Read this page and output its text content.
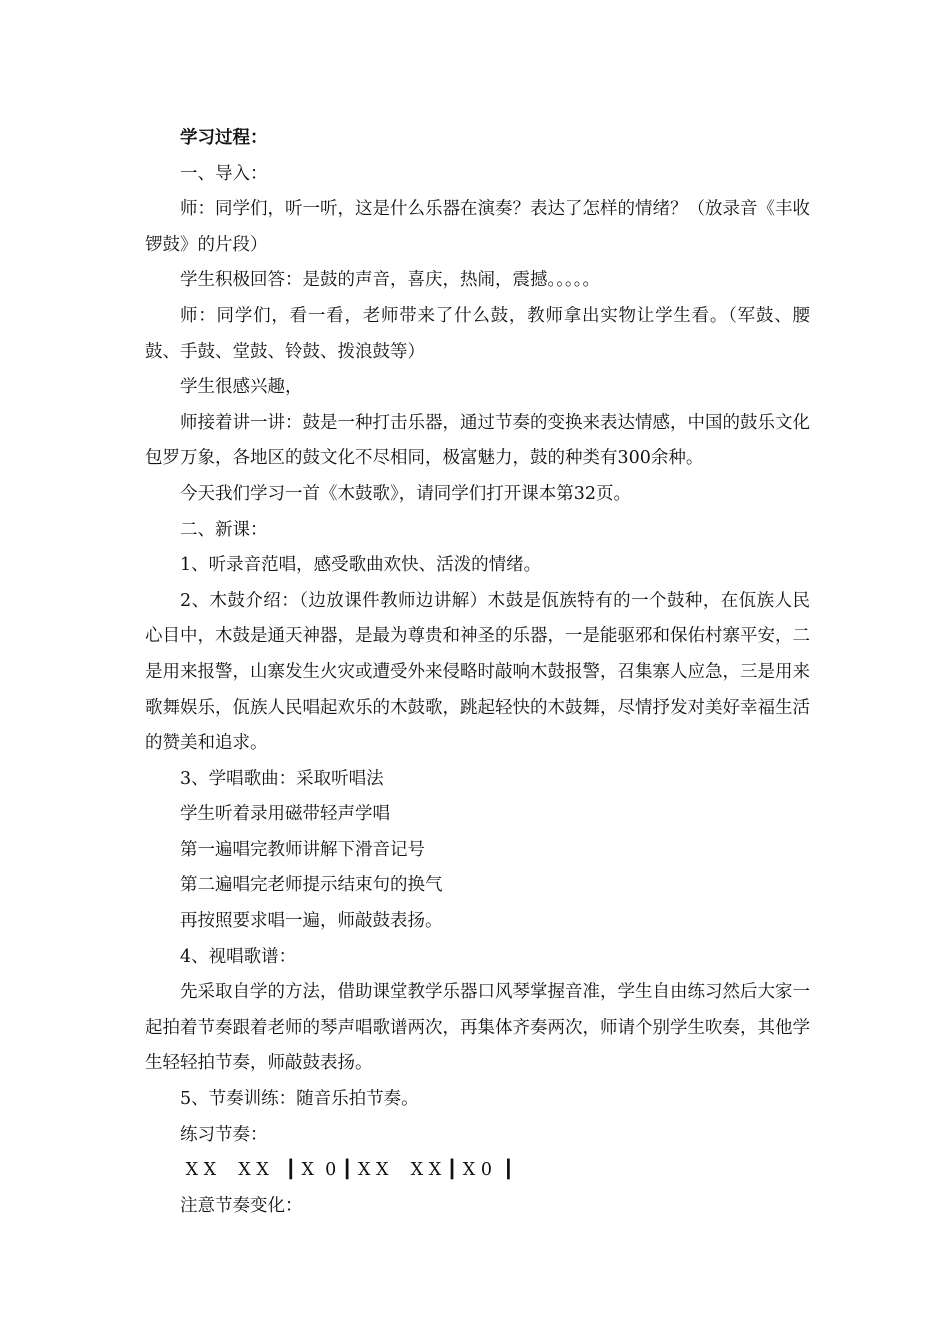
学习过程：

一、导入：

师：同学们，听一听，这是什么乐器在演奏？表达了怎样的情绪？（放录音《丰收锣鼓》的片段）

学生积极回答：是鼓的声音，喜庆，热闹，震撼。。。。。

师：同学们，看一看，老师带来了什么鼓，教师拿出实物让学生看。（军鼓、腰鼓、手鼓、堂鼓、铃鼓、拨浪鼓等）

学生很感兴趣，

师接着讲一讲：鼓是一种打击乐器，通过节奏的变换来表达情感，中国的鼓乐文化包罗万象，各地区的鼓文化不尽相同，极富魅力，鼓的种类有300余种。

今天我们学习一首《木鼓歌》，请同学们打开课本第32页。

二、新课：

1、听录音范唱，感受歌曲欢快、活泼的情绪。

2、木鼓介绍：（边放课件教师边讲解）木鼓是佤族特有的一个鼓种，在佤族人民心目中，木鼓是通天神器，是最为尊贵和神圣的乐器，一是能驱邪和保佑村寨平安，二是用来报警，山寨发生火灾或遭受外来侵略时敲响木鼓报警，召集寨人应急，三是用来歌舞娱乐，佤族人民唱起欢乐的木鼓歌，跳起轻快的木鼓舞，尽情抒发对美好幸福生活的赞美和追求。

3、学唱歌曲：采取听唱法

学生听着录用磁带轻声学唱

第一遍唱完教师讲解下滑音记号

第二遍唱完老师提示结束句的换气

再按照要求唱一遍，师敲鼓表扬。

4、视唱歌谱：

先采取自学的方法，借助课堂教学乐器口风琴掌握音准，学生自由练习然后大家一起拍着节奏跟着老师的琴声唱歌谱两次，再集体齐奏两次，师请个别学生吹奏，其他学生轻轻拍节奏，师敲鼓表扬。

5、节奏训练：随音乐拍节奏。

练习节奏：

X X    X X   ┃ X  0 ┃ X X    X X ┃ X 0  ┃

注意节奏变化：
